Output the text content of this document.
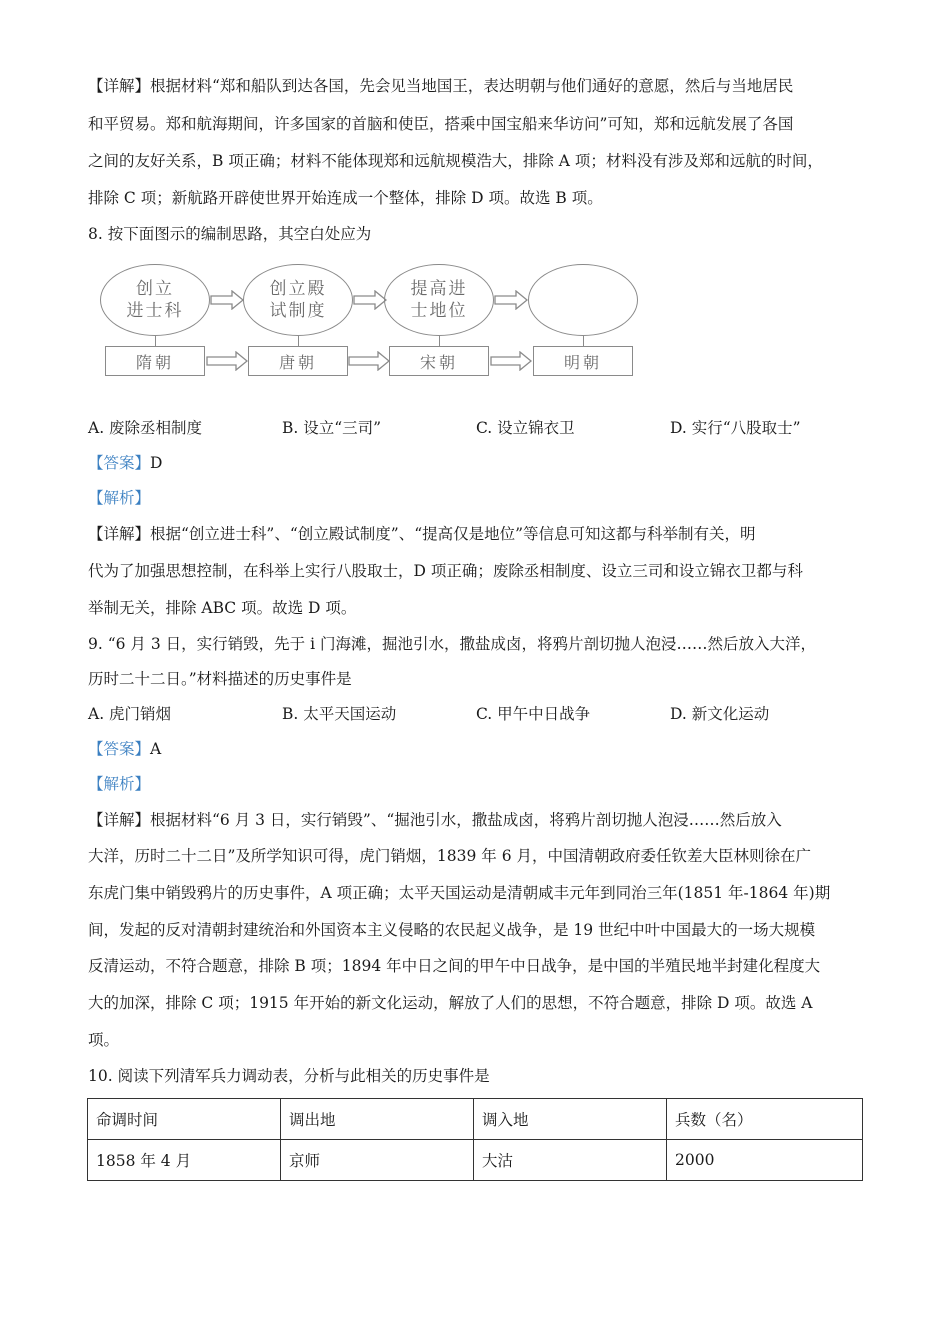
【详解】根据材料“郑和船队到达各国，先会见当地国王，表达明朝与他们通好的意愿，然后与当地居民
和平贸易。郑和航海期间，许多国家的首脑和使臣，搭乘中国宝船来华访问”可知，郑和远航发展了各国
之间的友好关系，B 项正确；材料不能体现郑和远航规模浩大，排除 A 项；材料没有涉及郑和远航的时间，
排除 C 项；新航路开辟使世界开始连成一个整体，排除 D 项。故选 B 项。
8. 按下面图示的编制思路，其空白处应为
创立
进士科
创立殿
试制度
提高进
士地位
隋朝	唐朝	宋朝	明朝
A. 废除丞相制度	B. 设立“三司”	C. 设立锦衣卫	D. 实行“八股取士”
【答案】D
【解析】
【详解】根据“创立进士科”、“创立殿试制度”、“提高仅是地位”等信息可知这都与科举制有关，明
代为了加强思想控制，在科举上实行八股取士，D 项正确；废除丞相制度、设立三司和设立锦衣卫都与科
举制无关，排除 ABC 项。故选 D 项。
9. “6 月 3 日，实行销毁，先于 i 门海滩，掘池引水，撒盐成卤，将鸦片剖切抛人泡浸……然后放入大洋，
历时二十二日。”材料描述的历史事件是
A. 虎门销烟	B. 太平天国运动	C. 甲午中日战争	D. 新文化运动
【答案】A
【解析】
【详解】根据材料“6 月 3 日，实行销毁”、“掘池引水，撒盐成卤，将鸦片剖切抛人泡浸……然后放入
大洋，历时二十二日”及所学知识可得，虎门销烟，1839 年 6 月，中国清朝政府委任钦差大臣林则徐在广
东虎门集中销毁鸦片的历史事件，A 项正确；太平天国运动是清朝咸丰元年到同治三年(1851 年-1864 年)期
间，发起的反对清朝封建统治和外国资本主义侵略的农民起义战争，是 19 世纪中叶中国最大的一场大规模
反清运动，不符合题意，排除 B 项；1894 年中日之间的甲午中日战争，是中国的半殖民地半封建化程度大
大的加深，排除 C 项；1915 年开始的新文化运动，解放了人们的思想，不符合题意，排除 D 项。故选 A
项。
10. 阅读下列清军兵力调动表，分析与此相关的历史事件是
命调时间	调出地	调入地	兵数（名）
1858 年 4 月	京师	大沽	2000
